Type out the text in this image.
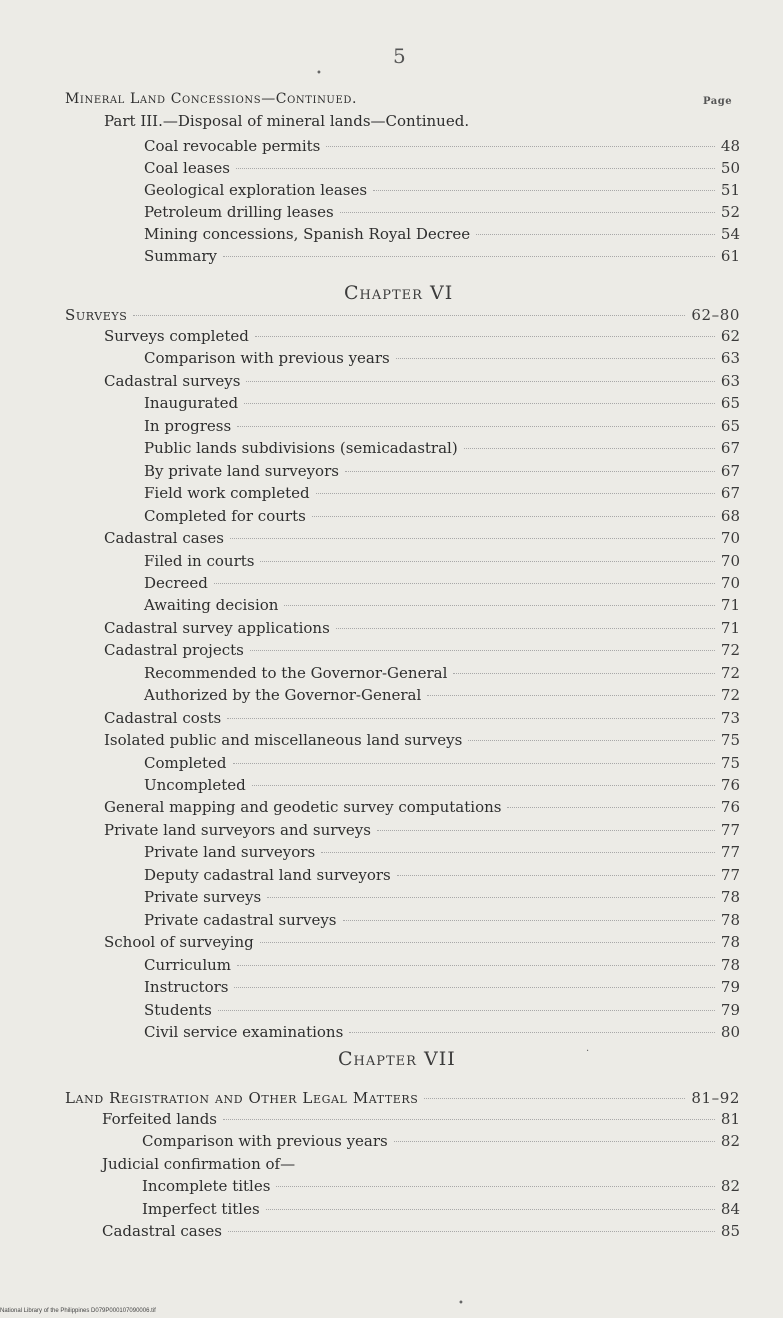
5
•
Mineral Land Concessions—Continued.	Page
Part III.—Disposal of mineral lands—Continued.
Coal revocable permits	48
Coal leases	50
Geological exploration leases	51
Petroleum drilling leases	52
Mining concessions, Spanish Royal Decree	54
Summary	61
Chapter VI
Surveys	62–80
Surveys completed	62
Comparison with previous years	63
Cadastral surveys	63
Inaugurated	65
In progress	65
Public lands subdivisions (semicadastral)	67
By private land surveyors	67
Field work completed	67
Completed for courts	68
Cadastral cases	70
Filed in courts	70
Decreed	70
Awaiting decision	71
Cadastral survey applications	71
Cadastral projects	72
Recommended to the Governor-General	72
Authorized by the Governor-General	72
Cadastral costs	73
Isolated public and miscellaneous land surveys	75
Completed	75
Uncompleted	76
General mapping and geodetic survey computations	76
Private land surveyors and surveys	77
Private land surveyors	77
Deputy cadastral land surveyors	77
Private surveys	78
Private cadastral surveys	78
School of surveying	78
Curriculum	78
Instructors	79
Students	79
Civil service examinations	80
Chapter VII
Land Registration and Other Legal Matters	81–92
Forfeited lands	81
Comparison with previous years	82
Judicial confirmation of—
Incomplete titles	82
Imperfect titles	84
Cadastral cases	85
·
•
National Library of the Philippines D079P000107090006.tif
